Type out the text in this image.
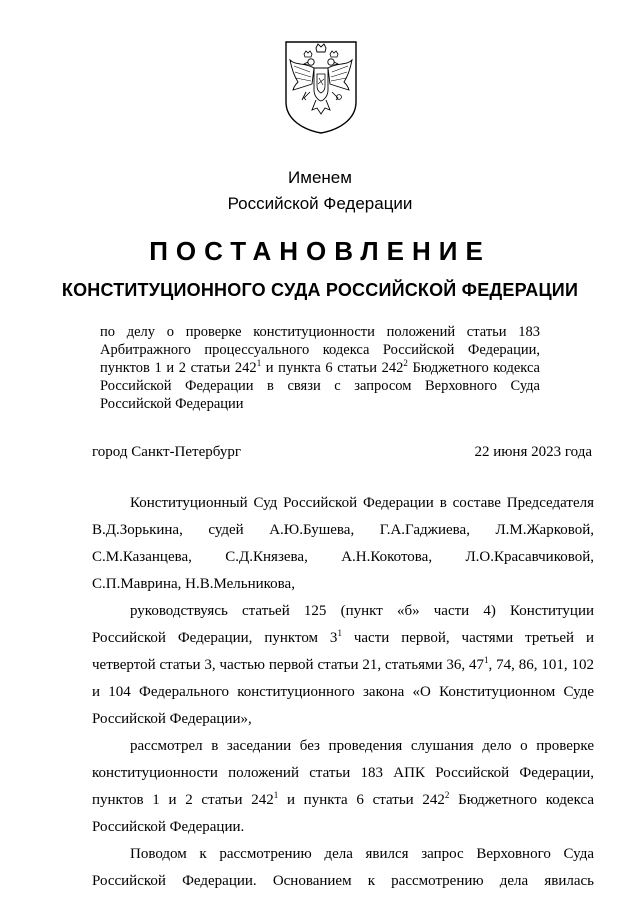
Именем
Российской Федерации
ПОСТАНОВЛЕНИЕ
КОНСТИТУЦИОННОГО СУДА РОССИЙСКОЙ ФЕДЕРАЦИИ
по делу о проверке конституционности положений статьи 183 Арбитражного процессуального кодекса Российской Федерации, пунктов 1 и 2 статьи $242^1$ и пункта 6 статьи $242^2$ Бюджетного кодекса Российской Федерации в связи с запросом Верховного Суда Российской Федерации
город Санкт-Петербург	22 июня 2023 года

Конституционный Суд Российской Федерации в составе Председателя В.Д.Зорькина, судей А.Ю.Бушева, Г.А.Гаджиева, Л.М.Жарковой, С.М.Казанцева, С.Д.Князева, А.Н.Кокотова, Л.О.Красавчиковой, С.П.Маврина, Н.В.Мельникова,

руководствуясь статьей 125 (пункт «б» части 4) Конституции Российской Федерации, пунктом $3^1$ части первой, частями третьей и четвертой статьи 3, частью первой статьи 21, статьями 36, $47^1$, 74, 86, 101, 102 и 104 Федерального конституционного закона «О Конституционном Суде Российской Федерации»,

рассмотрел в заседании без проведения слушания дело о проверке конституционности положений статьи 183 АПК Российской Федерации, пунктов 1 и 2 статьи $242^1$ и пункта 6 статьи $242^2$ Бюджетного кодекса Российской Федерации.

Поводом к рассмотрению дела явился запрос Верховного Суда Российской Федерации. Основанием к рассмотрению дела явилась
